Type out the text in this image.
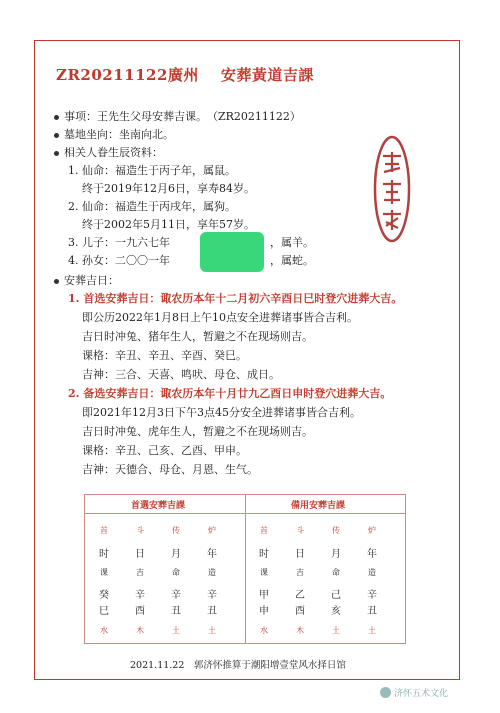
ZR20211122廣州 安葬黃道吉課
事项：王先生父母安葬吉课。　 （ZR20211122）
墓地坐向：坐南向北。
相关人眷生辰资料：
1. 仙命：福造生于丙子年，属鼠。
终于2019年12月6日，享寿84岁。
2. 仙命：福造生于丙戌年，属狗。
终于2002年5月11日，享年57岁。
3. 儿子：一九六七年	，属羊。
4. 孙女：二〇〇一年	，属蛇。
安葬吉日：
1. 首选安葬吉日：诹农历本年十二月初六辛酉日巳时登穴进葬大吉。
即公历2022年1月8日上午10点安全进葬诸事皆合吉利。
吉日时冲兔、猪年生人，暂避之不在现场则吉。
课格：辛丑、辛丑、辛酉、癸巳。
吉神：三合、天喜、鸣吠、母仓、成日。
2. 备选安葬吉日：诹农历本年十月廿九乙酉日申时登穴进葬大吉。
即2021年12月3日下午3点45分安全进葬诸事皆合吉利。
吉日时冲兔、虎年生人，暂避之不在现场则吉。
课格：辛丑、己亥、乙酉、甲申。
吉神：天德合、母仓、月恩、生气。
首選安葬吉課	備用安葬吉課
首	斗	传	炉
时	日	月	年
课	吉	命	造
癸	辛	辛	辛
巳	酉	丑	丑
水	木	土	土
首	斗	传	炉
时	日	月	年
课	吉	命	造
甲	乙	己	辛
申	酉	亥	丑
水	木	土	土
2021.11.22　郭济怀推算于潮阳增壹堂风水择日馆
济怀五术文化
